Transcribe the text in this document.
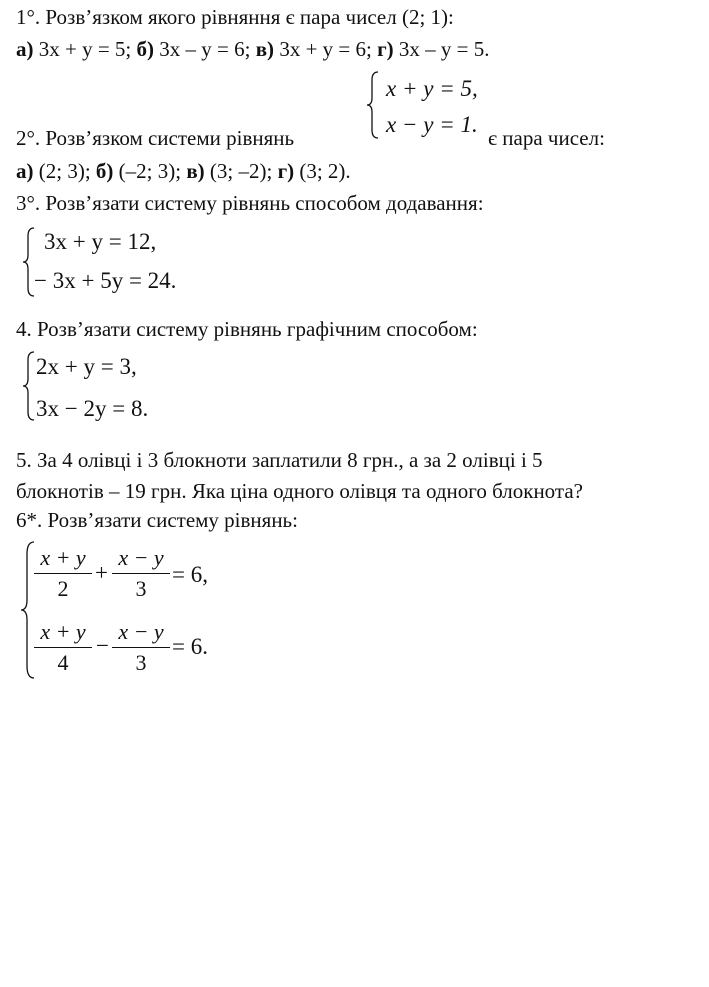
1°. Розв’язком якого рівняння є пара чисел (2; 1):
а) 3x + y = 5; б) 3x – y = 6; в) 3x + y = 6; г) 3x – y = 5.
x + y = 5,
x − y = 1.
2°. Розв’язком системи рівнянь	є пара чисел:
а) (2; 3); б) (–2; 3); в) (3; –2); г) (3; 2).
3°. Розв’язати систему рівнянь способом додавання:
3x + y = 12,
− 3x + 5y = 24.
4. Розв’язати систему рівнянь графічним способом:
2x + y = 3,
3x − 2y = 8.
5. За 4 олівці і 3 блокноти заплатили 8 грн., а за 2 олівці і 5
блокнотів – 19 грн. Яка ціна одного олівця та одного блокнота?
6*. Розв’язати систему рівнянь:
x + y
2
+
x − y
3
= 6,
x + y
4
−
x − y
3
= 6.
